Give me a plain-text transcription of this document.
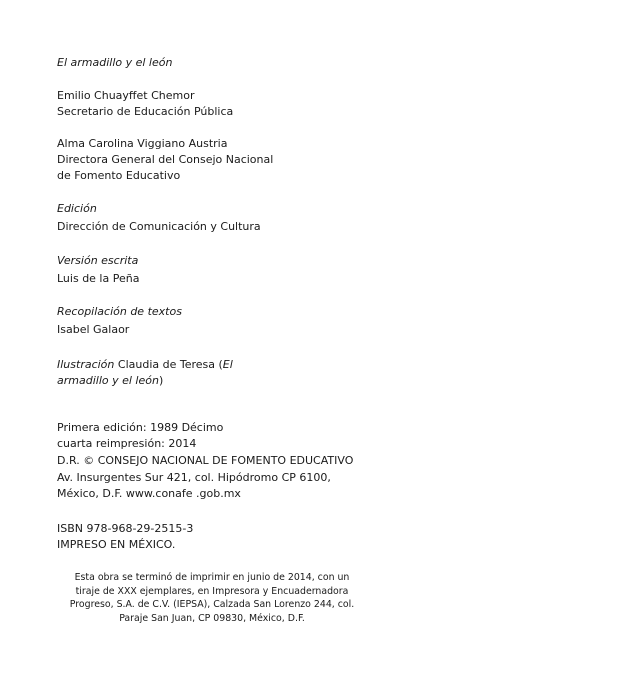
El armadillo y el león
Emilio Chuayffet Chemor
Secretario de Educación Pública
Alma Carolina Viggiano Austria
Directora General del Consejo Nacional
de Fomento Educativo
Edición
Dirección de Comunicación y Cultura
Versión escrita
Luis de la Peña
Recopilación de textos
Isabel Galaor
Ilustración Claudia de Teresa (El
armadillo y el león)
Primera edición: 1989 Décimo
cuarta reimpresión: 2014
D.R. © CONSEJO NACIONAL DE FOMENTO EDUCATIVO
Av. Insurgentes Sur 421, col. Hipódromo CP 6100,
México, D.F. www.conafe .gob.mx
ISBN 978-968-29-2515-3
IMPRESO EN MÉXICO.
Esta obra se terminó de imprimir en junio de 2014, con un
tiraje de XXX ejemplares, en Impresora y Encuadernadora
Progreso, S.A. de C.V. (IEPSA), Calzada San Lorenzo 244, col.
Paraje San Juan, CP 09830, México, D.F.
